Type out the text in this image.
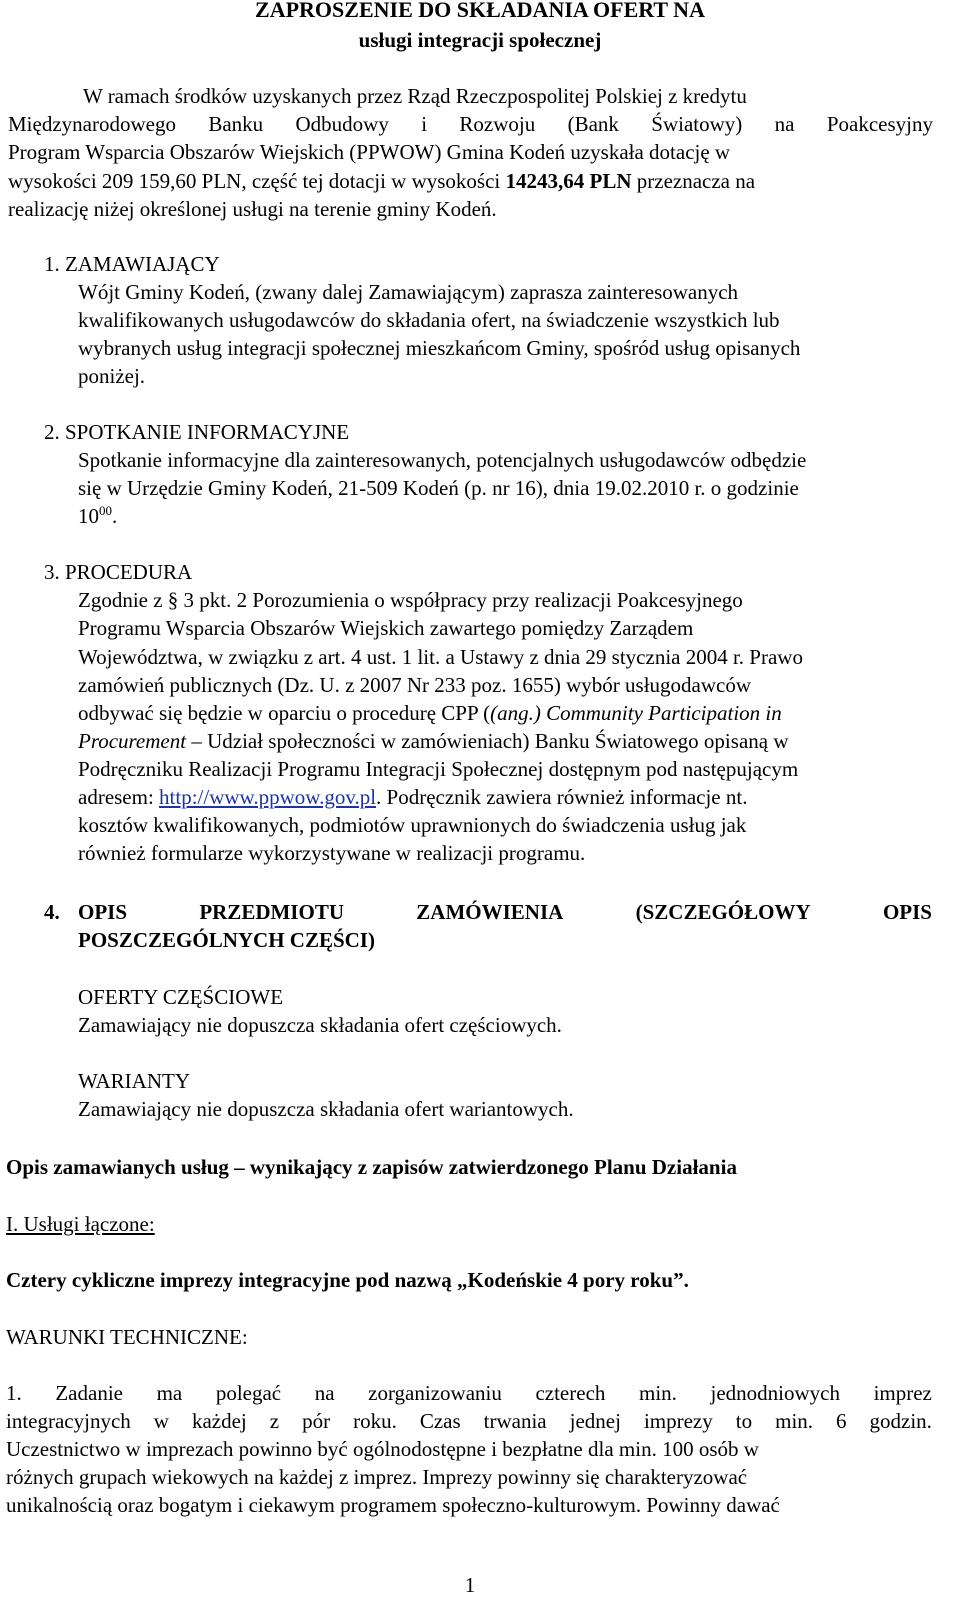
ZAPROSZENIE DO SKŁADANIA OFERT NA
usługi integracji społecznej
W ramach środków uzyskanych przez Rząd Rzeczpospolitej Polskiej z kredytu
Międzynarodowego Banku Odbudowy i Rozwoju (Bank Światowy) na Poakcesyjny
Program Wsparcia Obszarów Wiejskich (PPWOW) Gmina Kodeń uzyskała dotację w
wysokości 209 159,60 PLN, część tej dotacji w wysokości 14243,64 PLN przeznacza na
realizację niżej określonej usługi na terenie gminy Kodeń.
1. ZAMAWIAJĄCY
Wójt Gminy Kodeń, (zwany dalej Zamawiającym) zaprasza zainteresowanych
kwalifikowanych usługodawców do składania ofert, na świadczenie wszystkich lub
wybranych usług integracji społecznej mieszkańcom Gminy, spośród usług opisanych
poniżej.
2. SPOTKANIE INFORMACYJNE
Spotkanie informacyjne dla zainteresowanych, potencjalnych usługodawców odbędzie
się w Urzędzie Gminy Kodeń, 21-509 Kodeń (p. nr 16), dnia 19.02.2010 r. o godzinie
$10^{00}$.
3. PROCEDURA
Zgodnie z § 3 pkt. 2 Porozumienia o współpracy przy realizacji Poakcesyjnego
Programu Wsparcia Obszarów Wiejskich zawartego pomiędzy Zarządem
Województwa, w związku z art. 4 ust. 1 lit. a Ustawy z dnia 29 stycznia 2004 r. Prawo
zamówień publicznych (Dz. U. z 2007 Nr 233 poz. 1655) wybór usługodawców
odbywać się będzie w oparciu o procedurę CPP ((ang.) Community Participation in
Procurement – Udział społeczności w zamówieniach) Banku Światowego opisaną w
Podręczniku Realizacji Programu Integracji Społecznej dostępnym pod następującym
adresem: http://www.ppwow.gov.pl. Podręcznik zawiera również informacje nt.
kosztów kwalifikowanych, podmiotów uprawnionych do świadczenia usług jak
również formularze wykorzystywane w realizacji programu.
4. OPIS	PRZEDMIOTU	ZAMÓWIENIA	(SZCZEGÓŁOWY	OPIS
POSZCZEGÓLNYCH CZĘŚCI)
OFERTY CZĘŚCIOWE
Zamawiający nie dopuszcza składania ofert częściowych.
WARIANTY
Zamawiający nie dopuszcza składania ofert wariantowych.
Opis zamawianych usług – wynikający z zapisów zatwierdzonego Planu Działania
I. Usługi łączone:
Cztery cykliczne imprezy integracyjne pod nazwą „Kodeńskie 4 pory roku”.
WARUNKI TECHNICZNE:
1. Zadanie ma polegać na zorganizowaniu czterech min. jednodniowych imprez
integracyjnych w każdej z pór roku. Czas trwania jednej imprezy to min. 6 godzin.
Uczestnictwo w imprezach powinno być ogólnodostępne i bezpłatne dla min. 100 osób w
różnych grupach wiekowych na każdej z imprez. Imprezy powinny się charakteryzować
unikalnością oraz bogatym i ciekawym programem społeczno-kulturowym. Powinny dawać
1
